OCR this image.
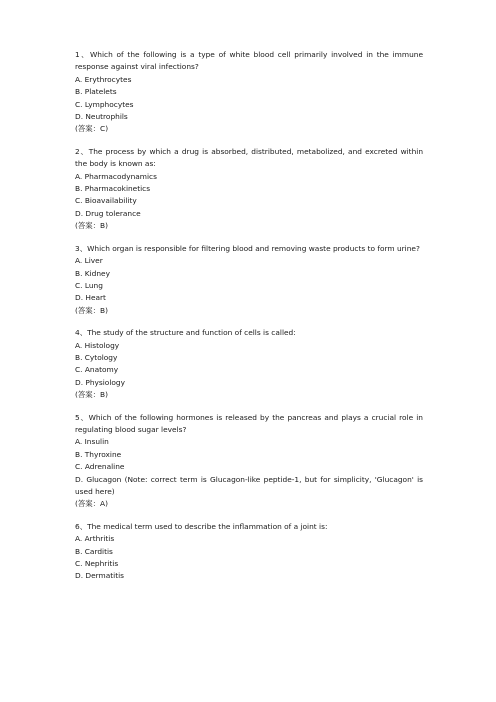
1、Which of the following is a type of white blood cell primarily involved in the immune response against viral infections?

A. Erythrocytes

B. Platelets

C. Lymphocytes

D. Neutrophils

(答案：C)

2、The process by which a drug is absorbed, distributed, metabolized, and excreted within the body is known as:

A. Pharmacodynamics

B. Pharmacokinetics

C. Bioavailability

D. Drug tolerance

(答案：B)

3、Which organ is responsible for filtering blood and removing waste products to form urine?

A. Liver

B. Kidney

C. Lung

D. Heart

(答案：B)

4、The study of the structure and function of cells is called:

A. Histology

B. Cytology

C. Anatomy

D. Physiology

(答案：B)

5、Which of the following hormones is released by the pancreas and plays a crucial role in regulating blood sugar levels?

A. Insulin

B. Thyroxine

C. Adrenaline

D. Glucagon (Note: correct term is Glucagon-like peptide-1, but for simplicity, 'Glucagon' is used here)

(答案：A)

6、The medical term used to describe the inflammation of a joint is:

A. Arthritis

B. Carditis

C. Nephritis

D. Dermatitis
